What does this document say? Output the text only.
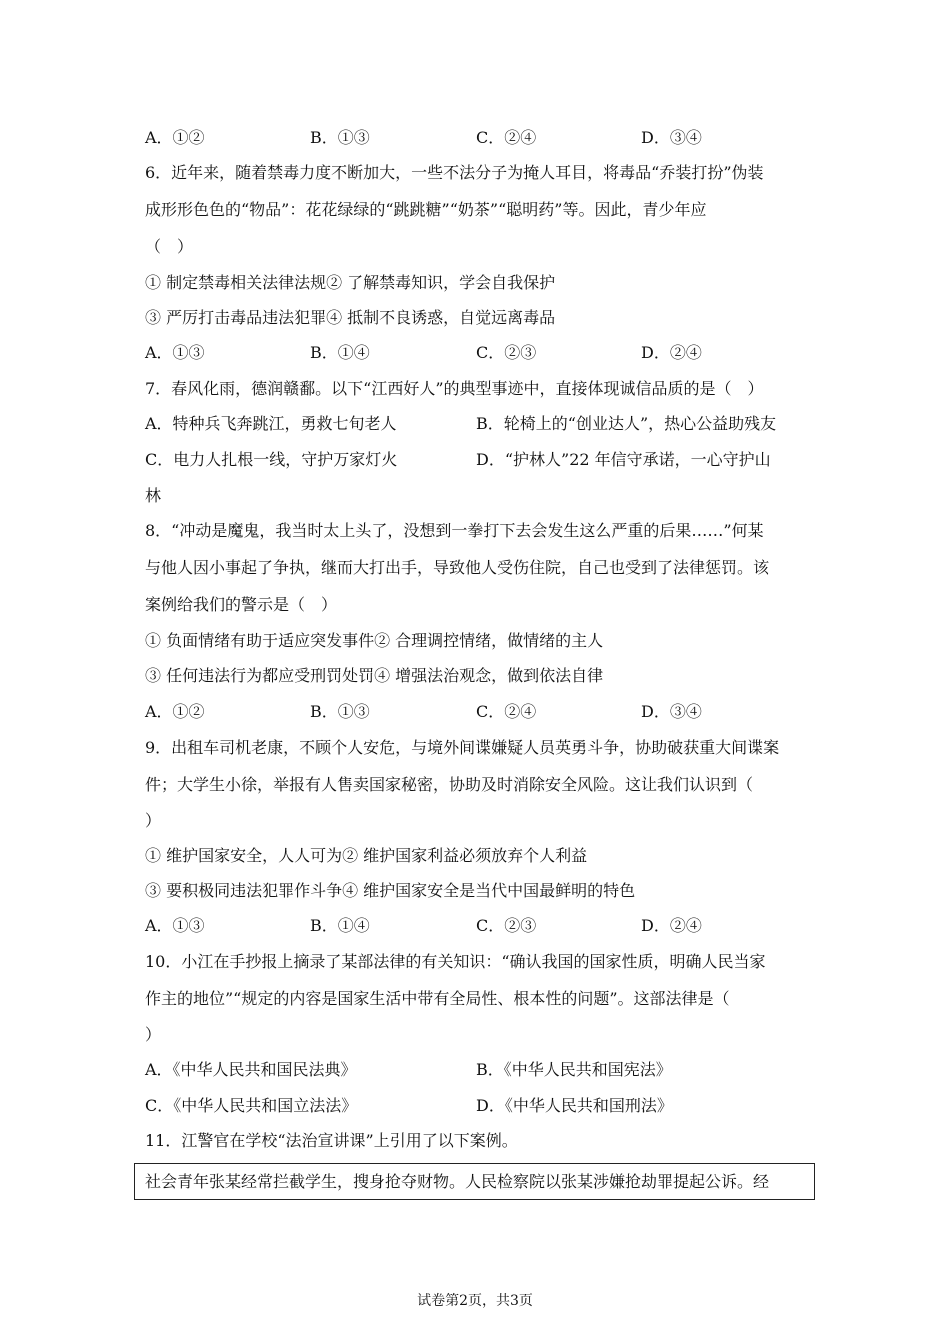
A．①②	B．①③	C．②④	D．③④
6．近年来，随着禁毒力度不断加大，一些不法分子为掩人耳目，将毒品“乔装打扮”伪装
成形形色色的“物品”：花花绿绿的“跳跳糖”“奶茶”“聪明药”等。因此，青少年应
（　）
① 制定禁毒相关法律法规② 了解禁毒知识，学会自我保护
③ 严厉打击毒品违法犯罪④ 抵制不良诱惑，自觉远离毒品
A．①③	B．①④	C．②③	D．②④
7．春风化雨，德润赣鄱。以下“江西好人”的典型事迹中，直接体现诚信品质的是（　）
A．特种兵飞奔跳江，勇救七旬老人	B．轮椅上的“创业达人”，热心公益助残友
C．电力人扎根一线，守护万家灯火	D．“护林人”22 年信守承诺，一心守护山
林
8．“冲动是魔鬼，我当时太上头了，没想到一拳打下去会发生这么严重的后果……”何某
与他人因小事起了争执，继而大打出手，导致他人受伤住院，自己也受到了法律惩罚。该
案例给我们的警示是（　）
① 负面情绪有助于适应突发事件② 合理调控情绪，做情绪的主人
③ 任何违法行为都应受刑罚处罚④ 增强法治观念，做到依法自律
A．①②	B．①③	C．②④	D．③④
9．出租车司机老康，不顾个人安危，与境外间谍嫌疑人员英勇斗争，协助破获重大间谍案
件；大学生小徐，举报有人售卖国家秘密，协助及时消除安全风险。这让我们认识到（
）
① 维护国家安全，人人可为② 维护国家利益必须放弃个人利益
③ 要积极同违法犯罪作斗争④ 维护国家安全是当代中国最鲜明的特色
A．①③	B．①④	C．②③	D．②④
10．小江在手抄报上摘录了某部法律的有关知识：“确认我国的国家性质，明确人民当家
作主的地位”“规定的内容是国家生活中带有全局性、根本性的问题”。这部法律是（
）
A．《中华人民共和国民法典》	B．《中华人民共和国宪法》
C．《中华人民共和国立法法》	D．《中华人民共和国刑法》
11．江警官在学校“法治宣讲课”上引用了以下案例。
社会青年张某经常拦截学生，搜身抢夺财物。人民检察院以张某涉嫌抢劫罪提起公诉。经
试卷第2页，共3页
